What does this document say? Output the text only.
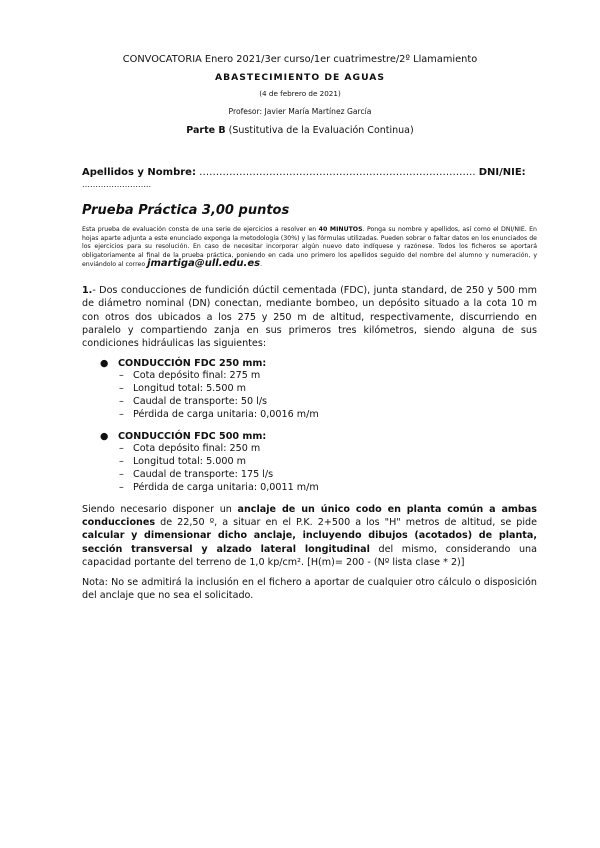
CONVOCATORIA Enero 2021/3er curso/1er cuatrimestre/2º Llamamiento
ABASTECIMIENTO DE AGUAS
(4 de febrero de 2021)
Profesor: Javier María Martínez García
Parte B (Sustitutiva de la Evaluación Continua)
Apellidos y Nombre: ……………………………………………………………………….. DNI/NIE:
……………………..
Prueba Práctica 3,00 puntos
Esta prueba de evaluación consta de una serie de ejercicios a resolver en 40 MINUTOS. Ponga su nombre y apellidos, así como el DNI/NIE. En hojas aparte adjunta a este enunciado exponga la metodología (30%) y las fórmulas utilizadas. Pueden sobrar o faltar datos en los enunciados de los ejercicios para su resolución. En caso de necesitar incorporar algún nuevo dato indíquese y razónese. Todos los ficheros se aportará obligatoriamente al final de la prueba práctica, poniendo en cada uno primero los apellidos seguido del nombre del alumno y numeración, y enviándolo al correo jmartiga@ull.edu.es.
1.- Dos conducciones de fundición dúctil cementada (FDC), junta standard, de 250 y 500 mm de diámetro nominal (DN) conectan, mediante bombeo, un depósito situado a la cota 10 m con otros dos ubicados a los 275 y 250 m de altitud, respectivamente, discurriendo en paralelo y compartiendo zanja en sus primeros tres kilómetros, siendo alguna de sus condiciones hidráulicas las siguientes:
● CONDUCCIÓN FDC 250 mm:
– Cota depósito final: 275 m
– Longitud total: 5.500 m
– Caudal de transporte: 50 l/s
– Pérdida de carga unitaria: 0,0016 m/m
● CONDUCCIÓN FDC 500 mm:
– Cota depósito final: 250 m
– Longitud total: 5.000 m
– Caudal de transporte: 175 l/s
– Pérdida de carga unitaria: 0,0011 m/m
Siendo necesario disponer un anclaje de un único codo en planta común a ambas conducciones de 22,50 º, a situar en el P.K. 2+500 a los "H" metros de altitud, se pide calcular y dimensionar dicho anclaje, incluyendo dibujos (acotados) de planta, sección transversal y alzado lateral longitudinal del mismo, considerando una capacidad portante del terreno de 1,0 kp/cm². [H(m)= 200 - (Nº lista clase * 2)]
Nota: No se admitirá la inclusión en el fichero a aportar de cualquier otro cálculo o disposición del anclaje que no sea el solicitado.
